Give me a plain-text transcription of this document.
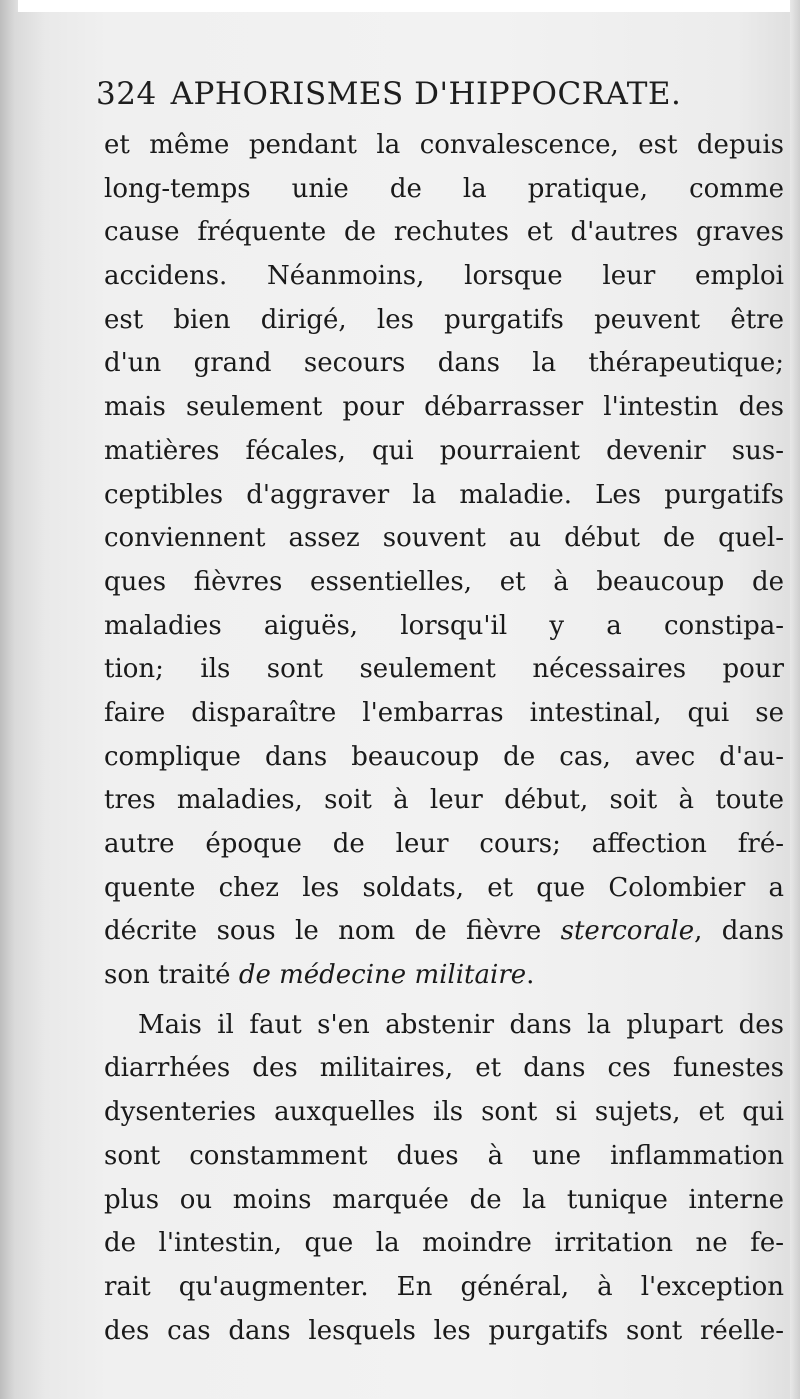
324 APHORISMES D'HIPPOCRATE.
et même pendant la convalescence, est depuis
long-temps unie de la pratique, comme
cause fréquente de rechutes et d'autres graves
accidens. Néanmoins, lorsque leur emploi
est bien dirigé, les purgatifs peuvent être
d'un grand secours dans la thérapeutique;
mais seulement pour débarrasser l'intestin des
matières fécales, qui pourraient devenir sus-
ceptibles d'aggraver la maladie. Les purgatifs
conviennent assez souvent au début de quel-
ques fièvres essentielles, et à beaucoup de
maladies aiguës, lorsqu'il y a constipa-
tion; ils sont seulement nécessaires pour
faire disparaître l'embarras intestinal, qui se
complique dans beaucoup de cas, avec d'au-
tres maladies, soit à leur début, soit à toute
autre époque de leur cours; affection fré-
quente chez les soldats, et que Colombier a
décrite sous le nom de fièvre stercorale, dans
son traité de médecine militaire.
Mais il faut s'en abstenir dans la plupart des
diarrhées des militaires, et dans ces funestes
dysenteries auxquelles ils sont si sujets, et qui
sont constamment dues à une inflammation
plus ou moins marquée de la tunique interne
de l'intestin, que la moindre irritation ne fe-
rait qu'augmenter. En général, à l'exception
des cas dans lesquels les purgatifs sont réelle-
